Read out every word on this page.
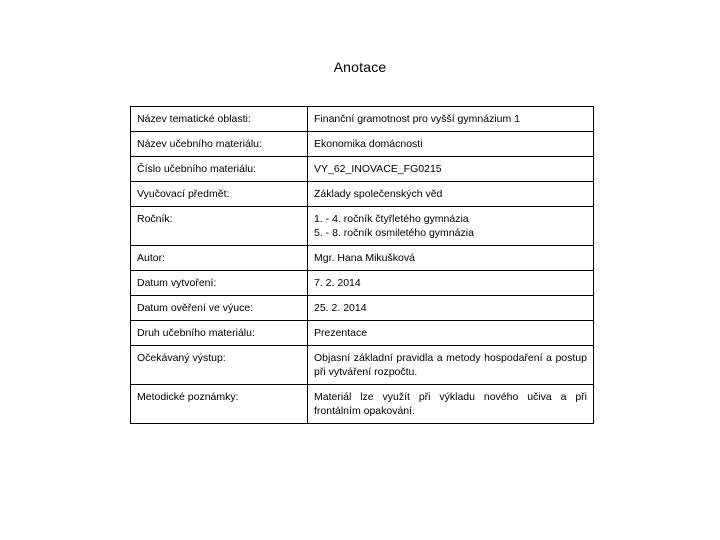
Anotace
Název tematické oblasti:	Finanční gramotnost pro vyšší gymnázium 1
Název učebního materiálu:	Ekonomika domácnosti
Číslo učebního materiálu:	VY_62_INOVACE_FG0215
Vyučovací předmět:	Základy společenských věd
Ročník:	1. - 4. ročník čtyřletého gymnázia
5. - 8. ročník osmiletého gymnázia

Autor:	Mgr. Hana Mikušková
Datum vytvoření:	7. 2. 2014
Datum ověření ve výuce:	25. 2. 2014
Druh učebního materiálu:	Prezentace
Očekávaný výstup:	Objasní základní pravidla a metody hospodaření a postup při vytváření rozpočtu.
Metodické poznámky:	Materiál lze využít při výkladu nového učiva a při frontálním opakování.
